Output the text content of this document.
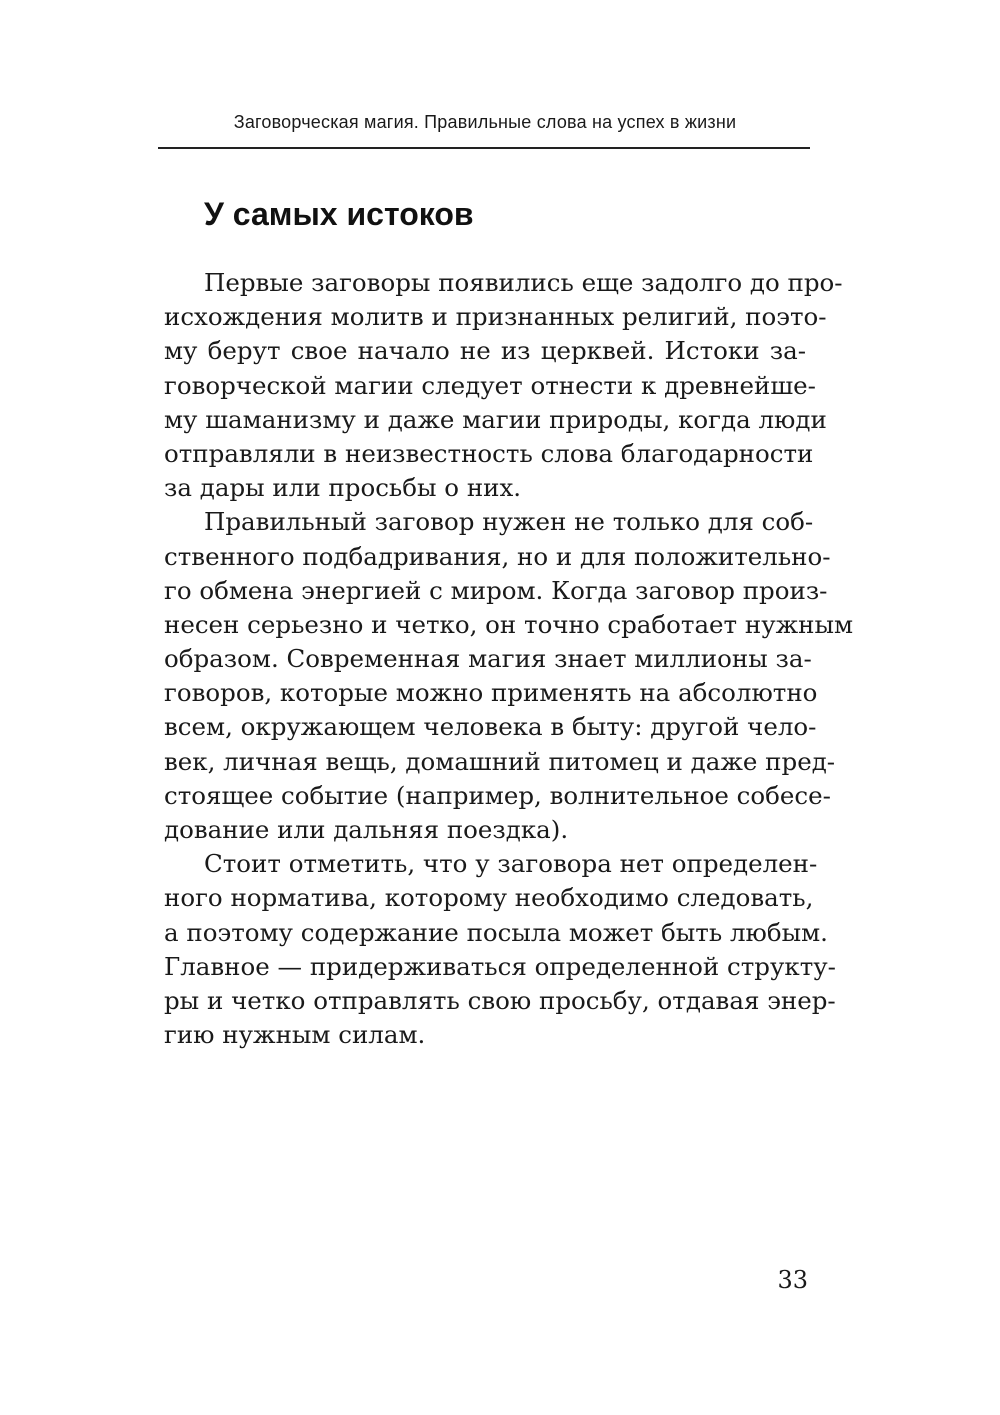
Заговорческая магия. Правильные слова на успех в жизни
У самых истоков
Первые заговоры появились еще задолго до про-
исхождения молитв и признанных религий, поэто-
му берут свое начало не из церквей. Истоки за-
говорческой магии следует отнести к древнейше-
му шаманизму и даже магии природы, когда люди
отправляли в неизвестность слова благодарности
за дары или просьбы о них.
Правильный заговор нужен не только для соб-
ственного подбадривания, но и для положительно-
го обмена энергией с миром. Когда заговор произ-
несен серьезно и четко, он точно сработает нужным
образом. Современная магия знает миллионы за-
говоров, которые можно применять на абсолютно
всем, окружающем человека в быту: другой чело-
век, личная вещь, домашний питомец и даже пред-
стоящее событие (например, волнительное собесе-
дование или дальняя поездка).
Стоит отметить, что у заговора нет определен-
ного норматива, которому необходимо следовать,
а поэтому содержание посыла может быть любым.
Главное — придерживаться определенной структу-
ры и четко отправлять свою просьбу, отдавая энер-
гию нужным силам.
33
